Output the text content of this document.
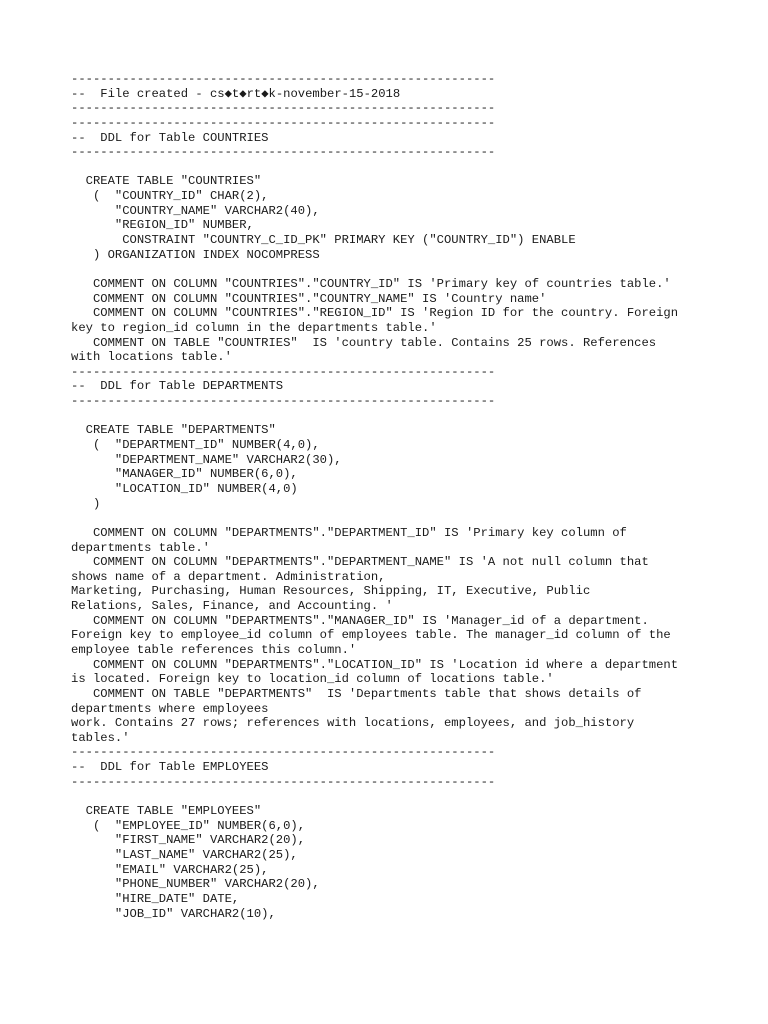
----------------------------------------------------------
--  File created - cs◆t◆rt◆k-november-15-2018
----------------------------------------------------------
----------------------------------------------------------
--  DDL for Table COUNTRIES
----------------------------------------------------------
CREATE TABLE "COUNTRIES"
(  "COUNTRY_ID" CHAR(2),
"COUNTRY_NAME" VARCHAR2(40),
"REGION_ID" NUMBER,
CONSTRAINT "COUNTRY_C_ID_PK" PRIMARY KEY ("COUNTRY_ID") ENABLE
) ORGANIZATION INDEX NOCOMPRESS
COMMENT ON COLUMN "COUNTRIES"."COUNTRY_ID" IS 'Primary key of countries table.'
COMMENT ON COLUMN "COUNTRIES"."COUNTRY_NAME" IS 'Country name'
COMMENT ON COLUMN "COUNTRIES"."REGION_ID" IS 'Region ID for the country. Foreign
key to region_id column in the departments table.'
COMMENT ON TABLE "COUNTRIES"  IS 'country table. Contains 25 rows. References
with locations table.'
----------------------------------------------------------
--  DDL for Table DEPARTMENTS
----------------------------------------------------------
CREATE TABLE "DEPARTMENTS"
(  "DEPARTMENT_ID" NUMBER(4,0),
"DEPARTMENT_NAME" VARCHAR2(30),
"MANAGER_ID" NUMBER(6,0),
"LOCATION_ID" NUMBER(4,0)
)
COMMENT ON COLUMN "DEPARTMENTS"."DEPARTMENT_ID" IS 'Primary key column of
departments table.'
COMMENT ON COLUMN "DEPARTMENTS"."DEPARTMENT_NAME" IS 'A not null column that
shows name of a department. Administration,
Marketing, Purchasing, Human Resources, Shipping, IT, Executive, Public
Relations, Sales, Finance, and Accounting. '
COMMENT ON COLUMN "DEPARTMENTS"."MANAGER_ID" IS 'Manager_id of a department.
Foreign key to employee_id column of employees table. The manager_id column of the
employee table references this column.'
COMMENT ON COLUMN "DEPARTMENTS"."LOCATION_ID" IS 'Location id where a department
is located. Foreign key to location_id column of locations table.'
COMMENT ON TABLE "DEPARTMENTS"  IS 'Departments table that shows details of
departments where employees
work. Contains 27 rows; references with locations, employees, and job_history
tables.'
----------------------------------------------------------
--  DDL for Table EMPLOYEES
----------------------------------------------------------
CREATE TABLE "EMPLOYEES"
(  "EMPLOYEE_ID" NUMBER(6,0),
"FIRST_NAME" VARCHAR2(20),
"LAST_NAME" VARCHAR2(25),
"EMAIL" VARCHAR2(25),
"PHONE_NUMBER" VARCHAR2(20),
"HIRE_DATE" DATE,
"JOB_ID" VARCHAR2(10),
